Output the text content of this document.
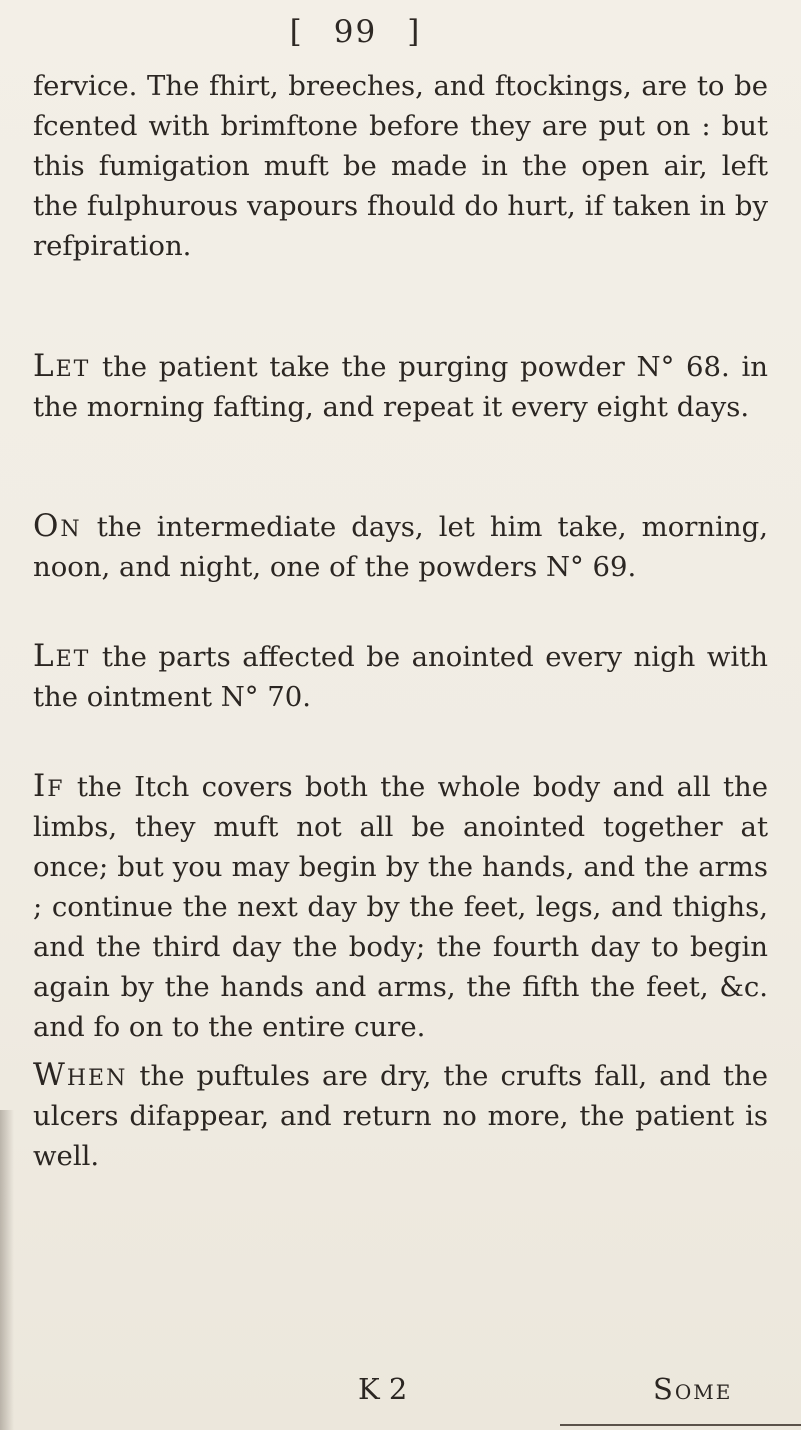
[ 99 ]

fervice. The fhirt, breeches, and ftockings, are to be fcented with brimftone before they are put on : but this fumigation muft be made in the open air, left the fulphurous vapours fhould do hurt, if taken in by refpiration.

Let the patient take the purging powder N° 68. in the morning fafting, and repeat it every eight days.

On the intermediate days, let him take, morning, noon, and night, one of the powders N° 69.

Let the parts affected be anointed every nigh with the ointment N° 70.

If the Itch covers both the whole body and all the limbs, they muft not all be anointed together at once; but you may begin by the hands, and the arms ; continue the next day by the feet, legs, and thighs, and the third day the body; the fourth day to begin again by the hands and arms, the fifth the feet, &c. and fo on to the entire cure.

When the puftules are dry, the crufts fall, and the ulcers difappear, and return no more, the patient is well.

K 2	Some
